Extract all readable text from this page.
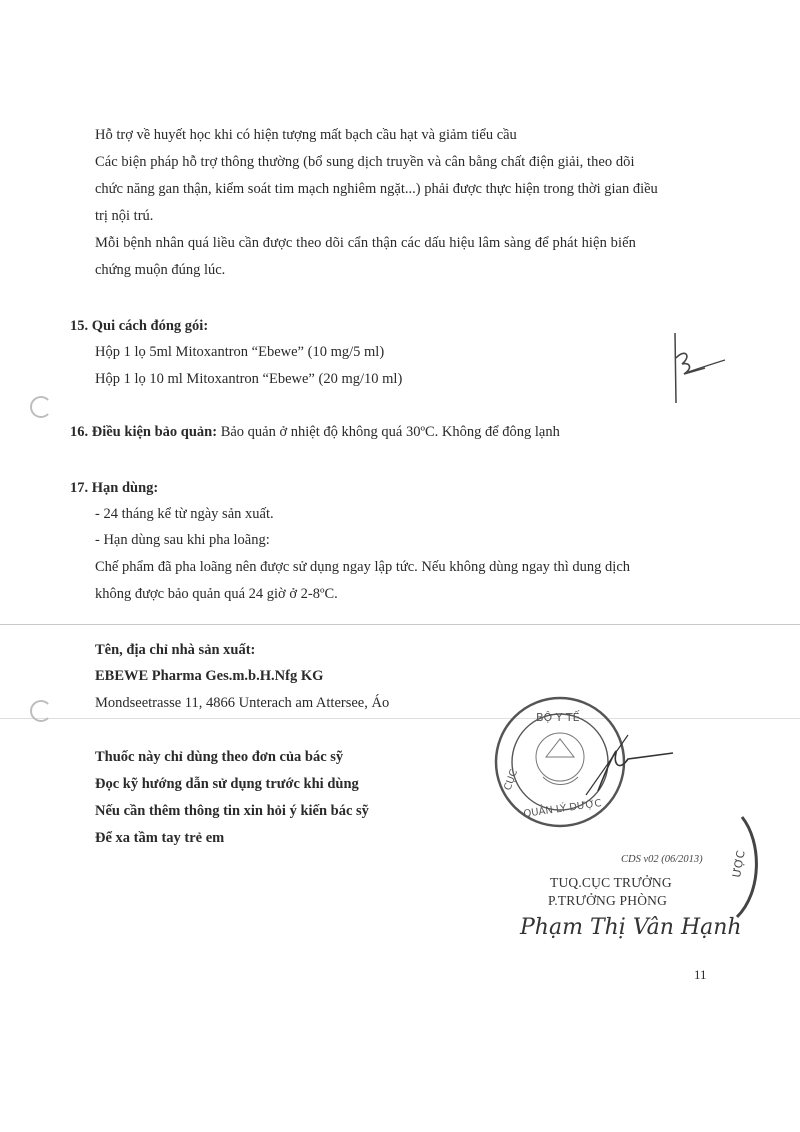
Hỗ trợ về huyết học khi có hiện tượng mất bạch cầu hạt và giảm tiểu cầu
Các biện pháp hỗ trợ thông thường (bổ sung dịch truyền và cân bằng chất điện giải, theo dõi
chức năng gan thận, kiểm soát tim mạch nghiêm ngặt...) phải được thực hiện trong thời gian điều
trị nội trú.
Mỗi bệnh nhân quá liều cần được theo dõi cẩn thận các dấu hiệu lâm sàng để phát hiện biến
chứng muộn đúng lúc.
15. Qui cách đóng gói:
Hộp 1 lọ 5ml Mitoxantron “Ebewe” (10 mg/5 ml)
Hộp 1 lọ 10 ml Mitoxantron “Ebewe” (20 mg/10 ml)
16. Điều kiện bảo quản: Bảo quản ở nhiệt độ không quá 30ºC. Không để đông lạnh
17. Hạn dùng:
- 24 tháng kể từ ngày sản xuất.
- Hạn dùng sau khi pha loãng:
Chế phẩm đã pha loãng nên được sử dụng ngay lập tức. Nếu không dùng ngay thì dung dịch
không được bảo quản quá 24 giờ ở 2-8ºC.
Tên, địa chỉ nhà sản xuất:
EBEWE Pharma Ges.m.b.H.Nfg KG
Mondseetrasse 11, 4866 Unterach am Attersee, Áo
Thuốc này chỉ dùng theo đơn của bác sỹ
Đọc kỹ hướng dẫn sử dụng trước khi dùng
Nếu cần thêm thông tin xin hỏi ý kiến bác sỹ
Để xa tầm tay trẻ em
BỘ Y TẾ
CỤC
QUẢN LÝ DƯỢC
ƯỢC
CDS v02 (06/2013)
TUQ.CỤC TRƯỞNG
P.TRƯỞNG PHÒNG
Phạm Thị Vân Hạnh
11
